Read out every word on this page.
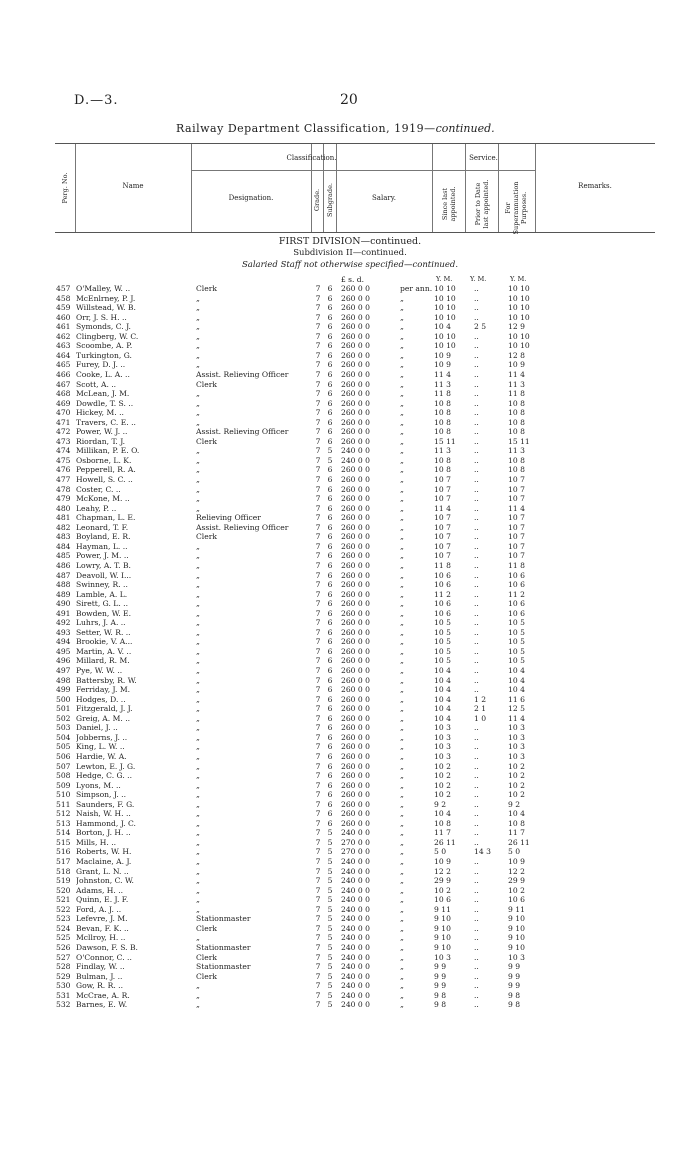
D.—3.	20
Railway Department Classification, 1919—continued.
Perg. No.	Name
Classification.
Designation.	Grade. Subgrade.	Salary.
Service.
Since last appointed.	Prior to Date last appointed. For Superannuation Purposes.
Remarks.
FIRST DIVISION—continued.
Subdivision II—continued.
Salaried Staff not otherwise specified—continued.
£ s. d.	Y. M.	Y. M.	Y. M.
457 O'Malley, W. ..	Clerk	7 6	260 0 0	per ann. 10 10	..	10 10
458 McEnlrney, P. J.	„	7 6	260 0 0	„	10 10	..	10 10
459 Willstead, W. B.	„	7 6	260 0 0	„	10 10	..	10 10
460 Orr, J. S. H. ..	„	7 6	260 0 0	„	10 10	..	10 10
461 Symonds, C. J.	„	7 6	260 0 0	„	10 4	2 5	12 9
462 Clingberg, W. C.	„	7 6	260 0 0	„	10 10	..	10 10
463 Scoombe, A. P.	„	7 6	260 0 0	„	10 10	..	10 10
464 Turkington, G.	„	7 6	260 0 0	„	10 9	..	12 8
465 Furey, D. J. ..	„	7 6	260 0 0	„	10 9	..	10 9
466 Cooke, L. A. ..	Assist. Relieving Officer	7 6	260 0 0	„	11 4	..	11 4
467 Scott, A. ..	Clerk	7 6	260 0 0	„	11 3	..	11 3
468 McLean, J. M.	„	7 6	260 0 0	„	11 8	..	11 8
469 Dowdle, T. S. ..	„	7 6	260 0 0	„	10 8	..	10 8
470 Hickey, M. ..	„	7 6	260 0 0	„	10 8	..	10 8
471 Travers, C. E. ..	„	7 6	260 0 0	„	10 8	..	10 8
472 Power, W. J. ..	Assist. Relieving Officer	7 6	260 0 0	„	10 8	..	10 8
473 Riordan, T. J.	Clerk	7 6	260 0 0	„	15 11	..	15 11
474 Millikan, P. E. O.	„	7 5	240 0 0	„	11 3	..	11 3
475 Osborne, L. K.	„	7 5	240 0 0	„	10 8	..	10 8
476 Pepperell, R. A.	„	7 6	260 0 0	„	10 8	..	10 8
477 Howell, S. C. ..	„	7 6	260 0 0	„	10 7	..	10 7
478 Coster, C. ..	„	7 6	260 0 0	„	10 7	..	10 7
479 McKone, M. ..	„	7 6	260 0 0	„	10 7	..	10 7
480 Leahy, P. ..	„	7 6	260 0 0	„	11 4	..	11 4
481 Chapman, L. E.	Relieving Officer	7 6	260 0 0	„	10 7	..	10 7
482 Leonard, T. F.	Assist. Relieving Officer	7 6	260 0 0	„	10 7	..	10 7
483 Boyland, E. R.	Clerk	7 6	260 0 0	„	10 7	..	10 7
484 Hayman, L. ..	„	7 6	260 0 0	„	10 7	..	10 7
485 Power, J. M. ..	„	7 6	260 0 0	„	10 7	..	10 7
486 Lowry, A. T. B.	„	7 6	260 0 0	„	11 8	..	11 8
487 Deavoll, W. I...	„	7 6	260 0 0	„	10 6	..	10 6
488 Swinney, R. ..	„	7 6	260 0 0	„	10 6	..	10 6
489 Lamble, A. L.	„	7 6	260 0 0	„	11 2	..	11 2
490 Sirett, G. L. ..	„	7 6	260 0 0	„	10 6	..	10 6
491 Bowden, W. E.	„	7 6	260 0 0	„	10 6	..	10 6
492 Luhrs, J. A. ..	„	7 6	260 0 0	„	10 5	..	10 5
493 Setter, W. R. ..	„	7 6	260 0 0	„	10 5	..	10 5
494 Brookie, V. A...	„	7 6	260 0 0	„	10 5	..	10 5
495 Martin, A. V. ..	„	7 6	260 0 0	„	10 5	..	10 5
496 Millard, R. M.	„	7 6	260 0 0	„	10 5	..	10 5
497 Pye, W. W. ..	„	7 6	260 0 0	„	10 4	..	10 4
498 Battersby, R. W.	„	7 6	260 0 0	„	10 4	..	10 4
499 Ferriday, J. M.	„	7 6	260 0 0	„	10 4	..	10 4
500 Hodges, D. ..	„	7 6	260 0 0	„	10 4	1 2	11 6
501 Fitzgerald, J. J.	„	7 6	260 0 0	„	10 4	2 1	12 5
502 Greig, A. M. ..	„	7 6	260 0 0	„	10 4	1 0	11 4
503 Daniel, J. ..	„	7 6	260 0 0	„	10 3	..	10 3
504 Jobberns, J. ..	„	7 6	260 0 0	„	10 3	..	10 3
505 King, L. W. ..	„	7 6	260 0 0	„	10 3	..	10 3
506 Hardie, W. A.	„	7 6	260 0 0	„	10 3	..	10 3
507 Lewton, E. J. G.	„	7 6	260 0 0	„	10 2	..	10 2
508 Hedge, C. G. ..	„	7 6	260 0 0	„	10 2	..	10 2
509 Lyons, M. ..	„	7 6	260 0 0	„	10 2	..	10 2
510 Simpson, J. ..	„	7 6	260 0 0	„	10 2	..	10 2
511 Saunders, F. G.	„	7 6	260 0 0	„	9 2	..	9 2
512 Naish, W. H. ..	„	7 6	260 0 0	„	10 4	..	10 4
513 Hammond, J. C.	„	7 6	260 0 0	„	10 8	..	10 8
514 Borton, J. H. ..	„	7 5	240 0 0	„	11 7	..	11 7
515 Mills, H. ..	„	7 5	270 0 0	„	26 11	..	26 11
516 Roberts, W. H.	„	7 5	270 0 0	„	5 0	14 3	5 0
517 Maclaine, A. J.	„	7 5	240 0 0	„	10 9	..	10 9
518 Grant, L. N. ..	„	7 5	240 0 0	„	12 2	..	12 2
519 Johnston, C. W.	„	7 5	240 0 0	„	29 9	..	29 9
520 Adams, H. ..	„	7 5	240 0 0	„	10 2	..	10 2
521 Quinn, E. J. F.	„	7 5	240 0 0	„	10 6	..	10 6
522 Ford, A. J. ..	„	7 5	240 0 0	„	9 11	..	9 11
523 Lefevre, J. M.	Stationmaster	7 5	240 0 0	„	9 10	..	9 10
524 Bevan, F. K. ..	Clerk	7 5	240 0 0	„	9 10	..	9 10
525 Mcllroy, H. ..	„	7 5	240 0 0	„	9 10	..	9 10
526 Dawson, F. S. B.	Stationmaster	7 5	240 0 0	„	9 10	..	9 10
527 O'Connor, C. ..	Clerk	7 5	240 0 0	„	10 3	..	10 3
528 Findlay, W. ..	Stationmaster	7 5	240 0 0	„	9 9	..	9 9
529 Bulman, J. ..	Clerk	7 5	240 0 0	„	9 9	..	9 9
530 Gow, R. R. ..	„	7 5	240 0 0	„	9 9	..	9 9
531 McCrae, A. R.	„	7 5	240 0 0	„	9 8	..	9 8
532 Barnes, E. W.	„	7 5	240 0 0	„	9 8	..	9 8
